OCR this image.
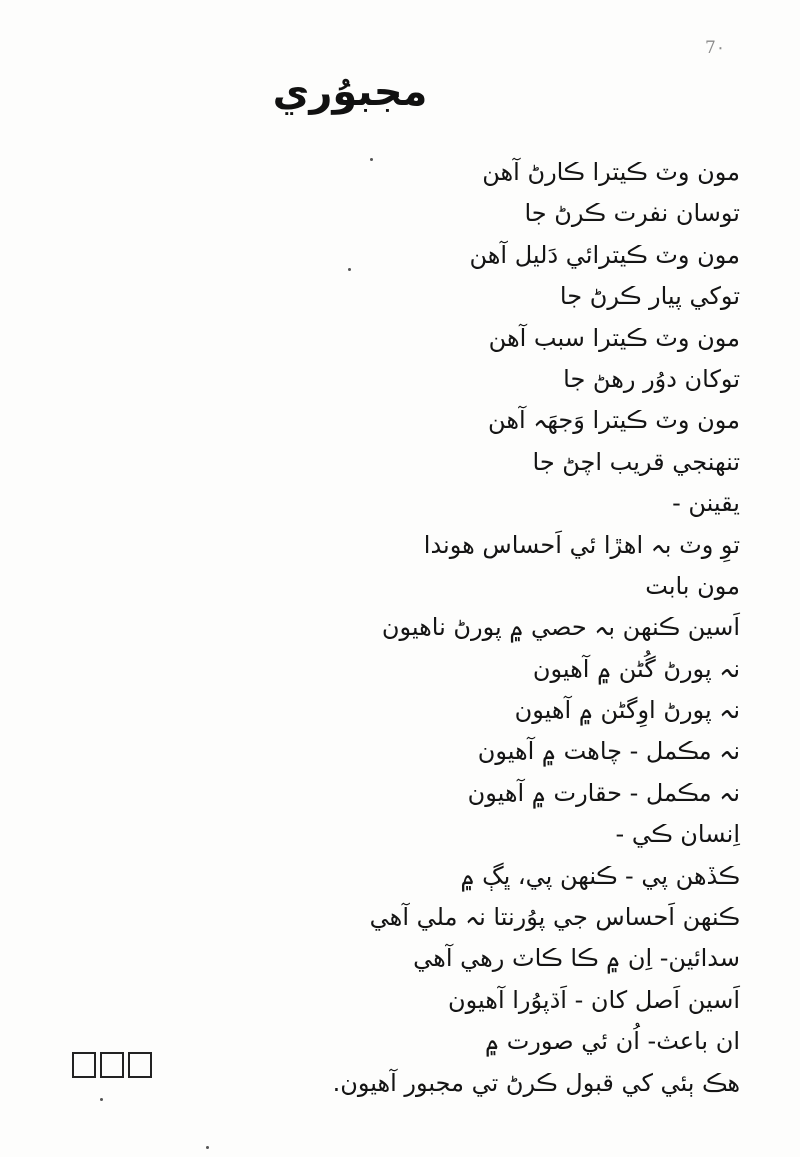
7٠
مجبوُري
مون وٽ ڪيترا ڪارڻ آهن
توسان نفرت ڪرڻ جا
مون وٽ ڪيترائي دَليل آهن
توکي پيار ڪرڻ جا
مون وٽ ڪيترا سبب آهن
توکان دوُر رهڻ جا
مون وٽ ڪيترا وَجهَہ آهن
تنهنجي قريب اچڻ جا
يقينن -
توِ وٽ بہ اهڙا ئي اَحساس هوندا
مون بابت
اَسين ڪنهن بہ حصي ۾ پورڻ ناهيون
نہ پورڻ گُڻن ۾ آهيون
نہ پورڻ اوِگڻن ۾ آهيون
نہ مڪمل - چاهت ۾ آهيون
نہ مڪمل - حقارت ۾ آهيون
اِنسان ڪي -
ڪڏهن پي - ڪنهن پي، ڀڳ ۾
ڪنهن اَحساس جي پوُرنتا نہ ملي آهي
سدائين- اِن ۾ ڪا ڪاٽ رهي آهي
اَسين اَصل کان - اَڌپوُرا آهيون
ان باعث- اُن ئي صورت ۾
هڪ ٻئي کي قبول ڪرڻ تي مجبور آهيون.
